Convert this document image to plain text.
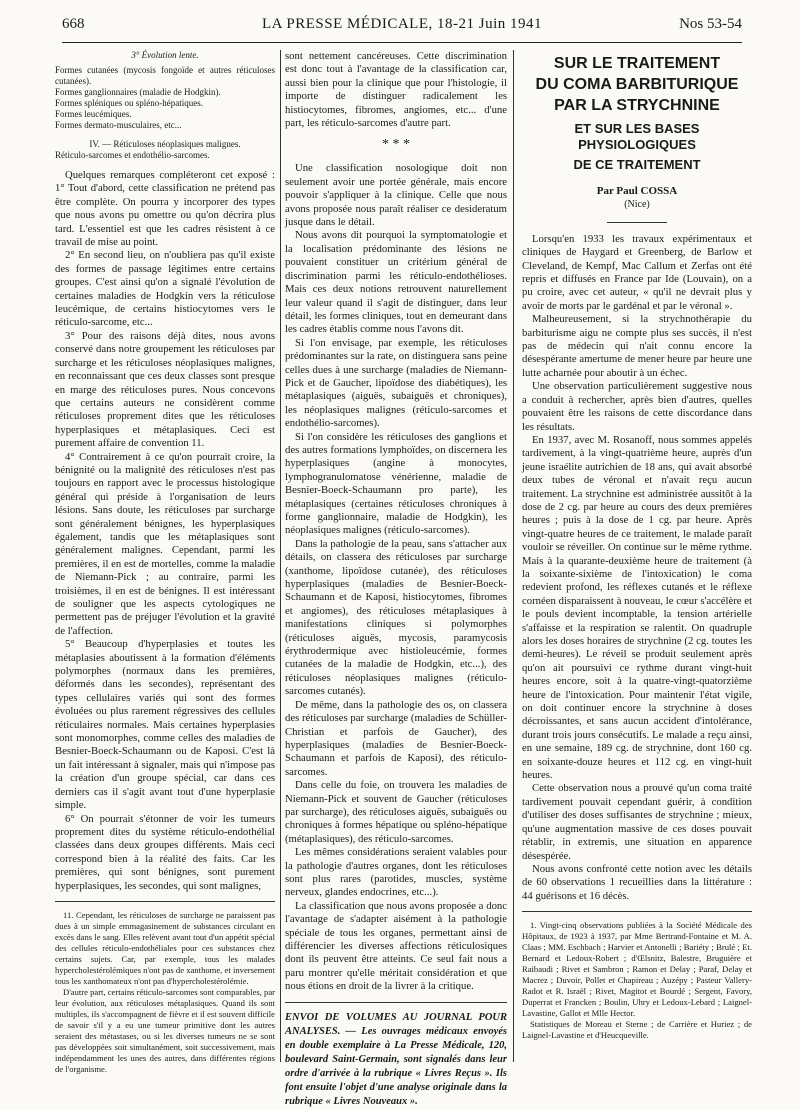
668	LA PRESSE MÉDICALE, 18-21 Juin 1941	Nos 53-54

3° Évolution lente.

Formes cutanées (mycosis fongoïde et autres réticuloses cutanées).

Formes ganglionnaires (maladie de Hodgkin).

Formes spléniques ou spléno-hépatiques.

Formes leucémiques.

Formes dermato-musculaires, etc...

IV. — Réticuloses néoplasiques malignes.

Réticulo-sarcomes et endothélio-sarcomes.

Quelques remarques compléteront cet exposé : 1° Tout d'abord, cette classification ne prétend pas être complète. On pourra y incorporer des types que nous avons pu omettre ou qu'on décrira plus tard. L'essentiel est que les cadres résistent à ce travail de mise au point.

2° En second lieu, on n'oubliera pas qu'il existe des formes de passage légitimes entre certains groupes. C'est ainsi qu'on a signalé l'évolution de certaines maladies de Hodgkin vers la réticulose leucémique, de certains histiocytomes vers le réticulo-sarcome, etc...

3° Pour des raisons déjà dites, nous avons conservé dans notre groupement les réticuloses par surcharge et les réticuloses néoplasiques malignes, en reconnaissant que ces deux classes sont presque en marge des réticuloses pures. Nous concevons que certains auteurs ne considèrent comme réticuloses proprement dites que les réticuloses hyperplasiques et métaplasiques. Ceci est purement affaire de convention 11.

4° Contrairement à ce qu'on pourrait croire, la bénignité ou la malignité des réticuloses n'est pas toujours en rapport avec le processus histologique général qui préside à l'organisation de leurs lésions. Sans doute, les réticuloses par surcharge sont généralement bénignes, les hyperplasiques également, tandis que les métaplasiques sont généralement malignes. Cependant, parmi les premières, il en est de mortelles, comme la maladie de Niemann-Pick ; au contraire, parmi les troisièmes, il en est de bénignes. Il est intéressant de souligner que les aspects cytologiques ne permettent pas de préjuger l'évolution et la gravité de l'affection.

5° Beaucoup d'hyperplasies et toutes les métaplasies aboutissent à la formation d'éléments polymorphes (normaux dans les premières, déformés dans les secondes), représentant des types cellulaires variés qui sont des formes évoluées ou plus rarement régressives des cellules réticulaires normales. Mais certaines hyperplasies sont monomorphes, comme celles des maladies de Besnier-Boeck-Schaumann ou de Kaposi. C'est là un fait intéressant à signaler, mais qui n'impose pas la création d'un groupe spécial, car dans ces derniers cas il s'agit avant tout d'une hyperplasie simple.

6° On pourrait s'étonner de voir les tumeurs proprement dites du système réticulo-endothélial classées dans deux groupes différents. Mais ceci correspond bien à la réalité des faits. Car les premières, qui sont bénignes, sont purement hyperplasiques, les secondes, qui sont malignes,

11. Cependant, les réticuloses de surcharge ne paraissent pas dues à un simple emmagasinement de substances circulant en excès dans le sang. Elles relèvent avant tout d'un appétit spécial des cellules réticulo-endothéliales pour ces substances chez certains sujets. Car, par exemple, tous les malades hypercholestérolémiques n'ont pas de xanthome, et inversement tous les xanthomateux n'ont pas d'hypercholestérolémie.

D'autre part, certains réticulo-sarcomes sont comparables, par leur évolution, aux réticuloses métaplasiques. Quand ils sont multiples, ils s'accompagnent de fièvre et il est souvent difficile de savoir s'il y a eu une tumeur primitive dont les autres seraient des métastases, ou si les diverses tumeurs ne se sont pas développées soit simultanément, soit successivement, mais indépendamment les unes des autres, dans différentes régions de l'organisme.

sont nettement cancéreuses. Cette discrimination est donc tout à l'avantage de la classification car, aussi bien pour la clinique que pour l'histologie, il importe de distinguer radicalement les histiocytomes, fibromes, angiomes, etc... d'une part, les réticulo-sarcomes d'autre part.

* * *

Une classification nosologique doit non seulement avoir une portée générale, mais encore pouvoir s'appliquer à la clinique. Celle que nous avons proposée nous paraît réaliser ce desideratum jusque dans le détail.

Nous avons dit pourquoi la symptomatologie et la localisation prédominante des lésions ne pouvaient constituer un critérium général de discrimination parmi les réticulo-endothélioses. Mais ces deux notions retrouvent naturellement leur valeur quand il s'agit de distinguer, dans leur détail, les formes cliniques, tout en demeurant dans les cadres établis comme nous l'avons dit.

Si l'on envisage, par exemple, les réticuloses prédominantes sur la rate, on distinguera sans peine celles dues à une surcharge (maladies de Niemann-Pick et de Gaucher, lipoïdose des diabétiques), les métaplasiques (aiguës, subaiguës et chroniques), les néoplasiques malignes (réticulo-sarcomes et endothélio-sarcomes).

Si l'on considère les réticuloses des ganglions et des autres formations lymphoïdes, on discernera les hyperplasiques (angine à monocytes, lymphogranulomatose vénérienne, maladie de Besnier-Boeck-Schaumann pro parte), les métaplasiques (certaines réticuloses chroniques à forme ganglionnaire, maladie de Hodgkin), les néoplasiques malignes (réticulo-sarcomes).

Dans la pathologie de la peau, sans s'attacher aux détails, on classera des réticuloses par surcharge (xanthome, lipoïdose cutanée), des réticuloses hyperplasiques (maladies de Besnier-Boeck-Schaumann et de Kaposi, histiocytomes, fibromes et angiomes), des réticuloses métaplasiques à manifestations cliniques si polymorphes (réticuloses aiguës, mycosis, paramycosis érythrodermique avec histioleucémie, formes cutanées de la maladie de Hodgkin, etc...), des réticuloses néoplasiques malignes (réticulo-sarcomes cutanés).

De même, dans la pathologie des os, on classera des réticuloses par surcharge (maladies de Schüller-Christian et parfois de Gaucher), des hyperplasiques (maladies de Besnier-Boeck-Schaumann et parfois de Kaposi), des réticulo-sarcomes.

Dans celle du foie, on trouvera les maladies de Niemann-Pick et souvent de Gaucher (réticuloses par surcharge), des réticuloses aiguës, subaiguës ou chroniques à formes hépatique ou spléno-hépatique (métaplasiques), des réticulo-sarcomes.

Les mêmes considérations seraient valables pour la pathologie d'autres organes, dont les réticuloses sont plus rares (parotides, muscles, système nerveux, glandes endocrines, etc...).

La classification que nous avons proposée a donc l'avantage de s'adapter aisément à la pathologie spéciale de tous les organes, permettant ainsi de différencier les diverses affections réticulosiques dont ils peuvent être atteints. Ce seul fait nous a paru montrer qu'elle méritait considération et que nous étions en droit de la livrer à la critique.

ENVOI DE VOLUMES AU JOURNAL POUR ANALYSES. — Les ouvrages médicaux envoyés en double exemplaire à La Presse Médicale, 120, boulevard Saint-Germain, sont signalés dans leur ordre d'arrivée à la rubrique « Livres Reçus ». Ils font ensuite l'objet d'une analyse originale dans la rubrique « Livres Nouveaux ».

SUR LE TRAITEMENT
DU COMA BARBITURIQUE
PAR LA STRYCHNINE
ET SUR LES BASES PHYSIOLOGIQUES
DE CE TRAITEMENT
Par Paul COSSA
(Nice)

Lorsqu'en 1933 les travaux expérimentaux et cliniques de Haygard et Greenberg, de Barlow et Cleveland, de Kempf, Mac Callum et Zerfas ont été repris et diffusés en France par Ide (Louvain), on a pu croire, avec cet auteur, « qu'il ne devrait plus y avoir de morts par le gardénal et par le véronal ».

Malheureusement, si la strychnothérapie du barbiturisme aigu ne compte plus ses succès, il n'est pas de médecin qui n'ait connu encore la désespérante amertume de mener heure par heure une lutte acharnée pour aboutir à un échec.

Une observation particulièrement suggestive nous a conduit à rechercher, après bien d'autres, quelles pouvaient être les raisons de cette discordance dans les résultats.

En 1937, avec M. Rosanoff, nous sommes appelés tardivement, à la vingt-quatrième heure, auprès d'un jeune israélite autrichien de 18 ans, qui avait absorbé deux tubes de véronal et n'avait reçu aucun traitement. La strychnine est administrée aussitôt à la dose de 2 cg. par heure au cours des deux premières heures ; puis à la dose de 1 cg. par heure. Après vingt-quatre heures de ce traitement, le malade paraît vouloir se réveiller. On continue sur le même rythme. Mais à la quarante-deuxième heure de traitement (à la soixante-sixième de l'intoxication) le coma redevient profond, les réflexes cutanés et le réflexe cornéen disparaissent à nouveau, le cœur s'accélère et le pouls devient incomptable, la tension artérielle s'affaisse et la respiration se ralentit. On quadruple alors les doses horaires de strychnine (2 cg. toutes les demi-heures). Le réveil se produit seulement après qu'on ait poursuivi ce rythme durant vingt-huit heures encore, soit à la quatre-vingt-quatorzième heure de l'intoxication. Pour maintenir l'état vigile, on doit continuer encore la strychnine à doses décroissantes, et sans aucun accident d'intolérance, durant trois jours consécutifs. Le malade a reçu ainsi, en une semaine, 189 cg. de strychnine, dont 160 cg. en soixante-douze heures et 112 cg. en vingt-huit heures.

Cette observation nous a prouvé qu'un coma traité tardivement pouvait cependant guérir, à condition d'utiliser des doses suffisantes de strychnine ; mieux, qu'une augmentation massive de ces doses pouvait rétablir, in extremis, une situation en apparence désespérée.

Nous avons confronté cette notion avec les détails de 60 observations 1 recueillies dans la littérature : 44 guérisons et 16 décès.

1. Vingt-cinq observations publiées à la Société Médicale des Hôpitaux, de 1923 à 1937, par Mme Bertrand-Fontaine et M. A. Claas ; MM. Eschbach ; Harvier et Antonelli ; Bariéty ; Brulé ; Et. Bernard et Ledoux-Robert ; d'Œlsnitz, Balestre, Bruguière et Raibaudi ; Rivet et Sambron ; Ramon et Delay ; Paraf, Delay et Macrez ; Duvoir, Pollet et Chapireau ; Auzépy ; Pasteur Vallery-Radot et R. Israël ; Rivet, Magitot et Bourdé ; Sergent, Favory, Duperrat et Francken ; Boulin, Uhry et Ledoux-Lebard ; Laignel-Lavastine, Gallot et Mlle Hector.

Statistiques de Moreau et Sterne ; de Carrière et Huriez ; de Laignel-Lavastine et d'Heucqueville.
